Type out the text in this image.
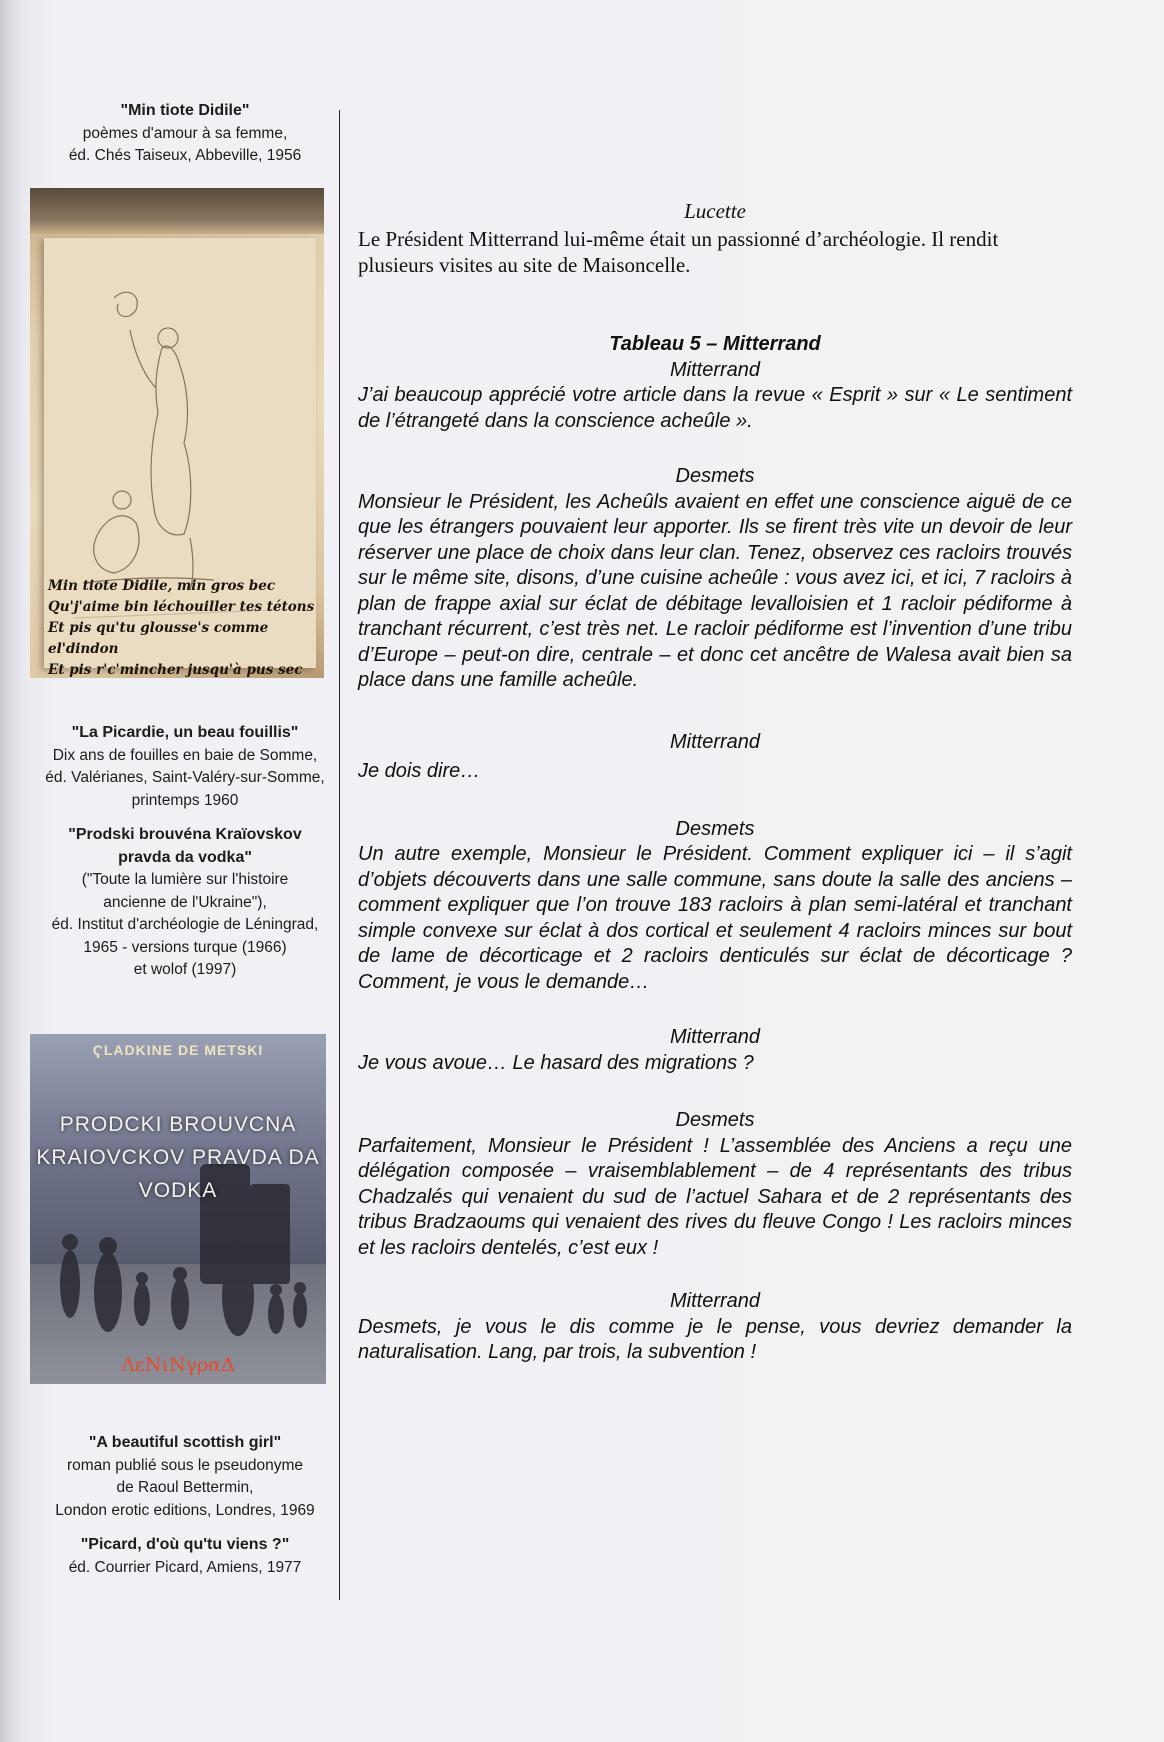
"Min tiote Didile"
poèmes d'amour à sa femme,
éd. Chés Taiseux, Abbeville, 1956
Min tiote Didile, min gros bec
Qu'j'aime bin léchouiller tes tétons
Et pis qu'tu glousse's comme el'dindon
Et pis r'c'mincher jusqu'à pus sec
"La Picardie, un beau fouillis"
Dix ans de fouilles en baie de Somme,
éd. Valérianes, Saint-Valéry-sur-Somme,
printemps 1960
"Prodski brouvéna Kraïovskov
pravda da vodka"
("Toute la lumière sur l'histoire
ancienne de l'Ukraine"),
éd. Institut d'archéologie de Léningrad,
1965 - versions turque (1966)
et wolof (1997)
ҀLADKINE DE METSKI
PRODCKI BROUVCNA
KRAIOVCKOV PRAVDA DA
VODKA
ΛεΝιΝγραΔ
"A beautiful scottish girl"
roman publié sous le pseudonyme
de Raoul Bettermin,
London erotic editions, Londres, 1969
"Picard, d'où qu'tu viens ?"
éd. Courrier Picard, Amiens, 1977
Lucette
Le Président Mitterrand lui-même était un passionné d’archéologie. Il rendit plusieurs visites au site de Maisoncelle.
Tableau 5 – Mitterrand

Mitterrand

J’ai beaucoup apprécié votre article dans la revue « Esprit » sur « Le sentiment de l’étrangeté dans la conscience acheûle ».

Desmets

Monsieur le Président, les Acheûls avaient en effet une conscience aiguë de ce que les étrangers pouvaient leur apporter. Ils se firent très vite un devoir de leur réserver une place de choix dans leur clan. Tenez, observez ces racloirs trouvés sur le même site, disons, d’une cuisine acheûle : vous avez ici, et ici, 7 racloirs à plan de frappe axial sur éclat de débitage levalloisien et 1 racloir pédiforme à tranchant récurrent, c’est très net. Le racloir pédiforme est l’invention d’une tribu d’Europe – peut-on dire, centrale – et donc cet ancêtre de Walesa avait bien sa place dans une famille acheûle.

Mitterrand

Je dois dire…

Desmets

Un autre exemple, Monsieur le Président. Comment expliquer ici – il s’agit d’objets découverts dans une salle commune, sans doute la salle des anciens – comment expliquer que l’on trouve 183 racloirs à plan semi-latéral et tranchant simple convexe sur éclat à dos cortical et seulement 4 racloirs minces sur bout de lame de décorticage et 2 racloirs denticulés sur éclat de décorticage ? Comment, je vous le demande…

Mitterrand

Je vous avoue… Le hasard des migrations ?

Desmets

Parfaitement, Monsieur le Président ! L’assemblée des Anciens a reçu une délégation composée – vraisemblablement – de 4 représentants des tribus Chadzalés qui venaient du sud de l’actuel Sahara et de 2 représentants des tribus Bradzaoums qui venaient des rives du fleuve Congo ! Les racloirs minces et les racloirs dentelés, c’est eux !

Mitterrand

Desmets, je vous le dis comme je le pense, vous devriez demander la naturalisation. Lang, par trois, la subvention !
